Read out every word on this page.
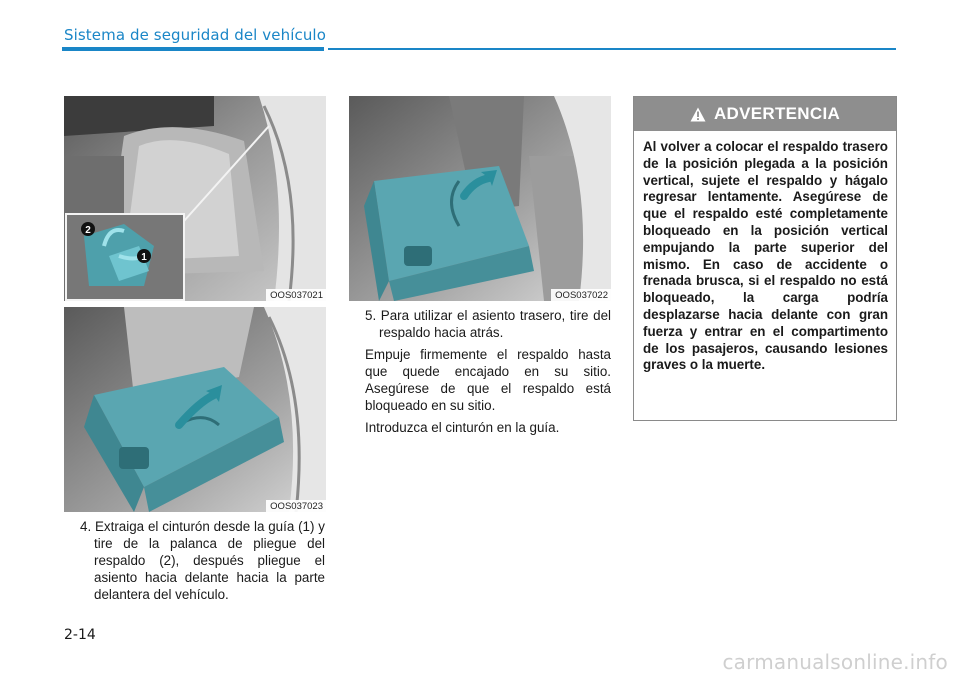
Sistema de seguridad del vehículo
2
1
OOS037021
OOS037023
OOS037022

4. Extraiga el cinturón desde la guía (1) y tire de la palanca de pliegue del respaldo (2), después pliegue el asiento hacia delante hacia la parte delantera del vehículo.

5. Para utilizar el asiento trasero, tire del respaldo hacia atrás.

Empuje firmemente el respaldo hasta que quede encajado en su sitio. Asegúrese de que el respaldo está bloqueado en su sitio.

Introduzca el cinturón en la guía.

ADVERTENCIA
Al volver a colocar el respaldo trasero de la posición plegada a la posición vertical, sujete el respaldo y hágalo regresar lentamente. Asegúrese de que el respaldo esté completamente bloqueado en la posición vertical empujando la parte superior del mismo. En caso de accidente o frenada brusca, si el respaldo no está bloqueado, la carga podría desplazarse hacia delante con gran fuerza y entrar en el compartimento de los pasajeros, causando lesiones graves o la muerte.
2-14
carmanualsonline.info
